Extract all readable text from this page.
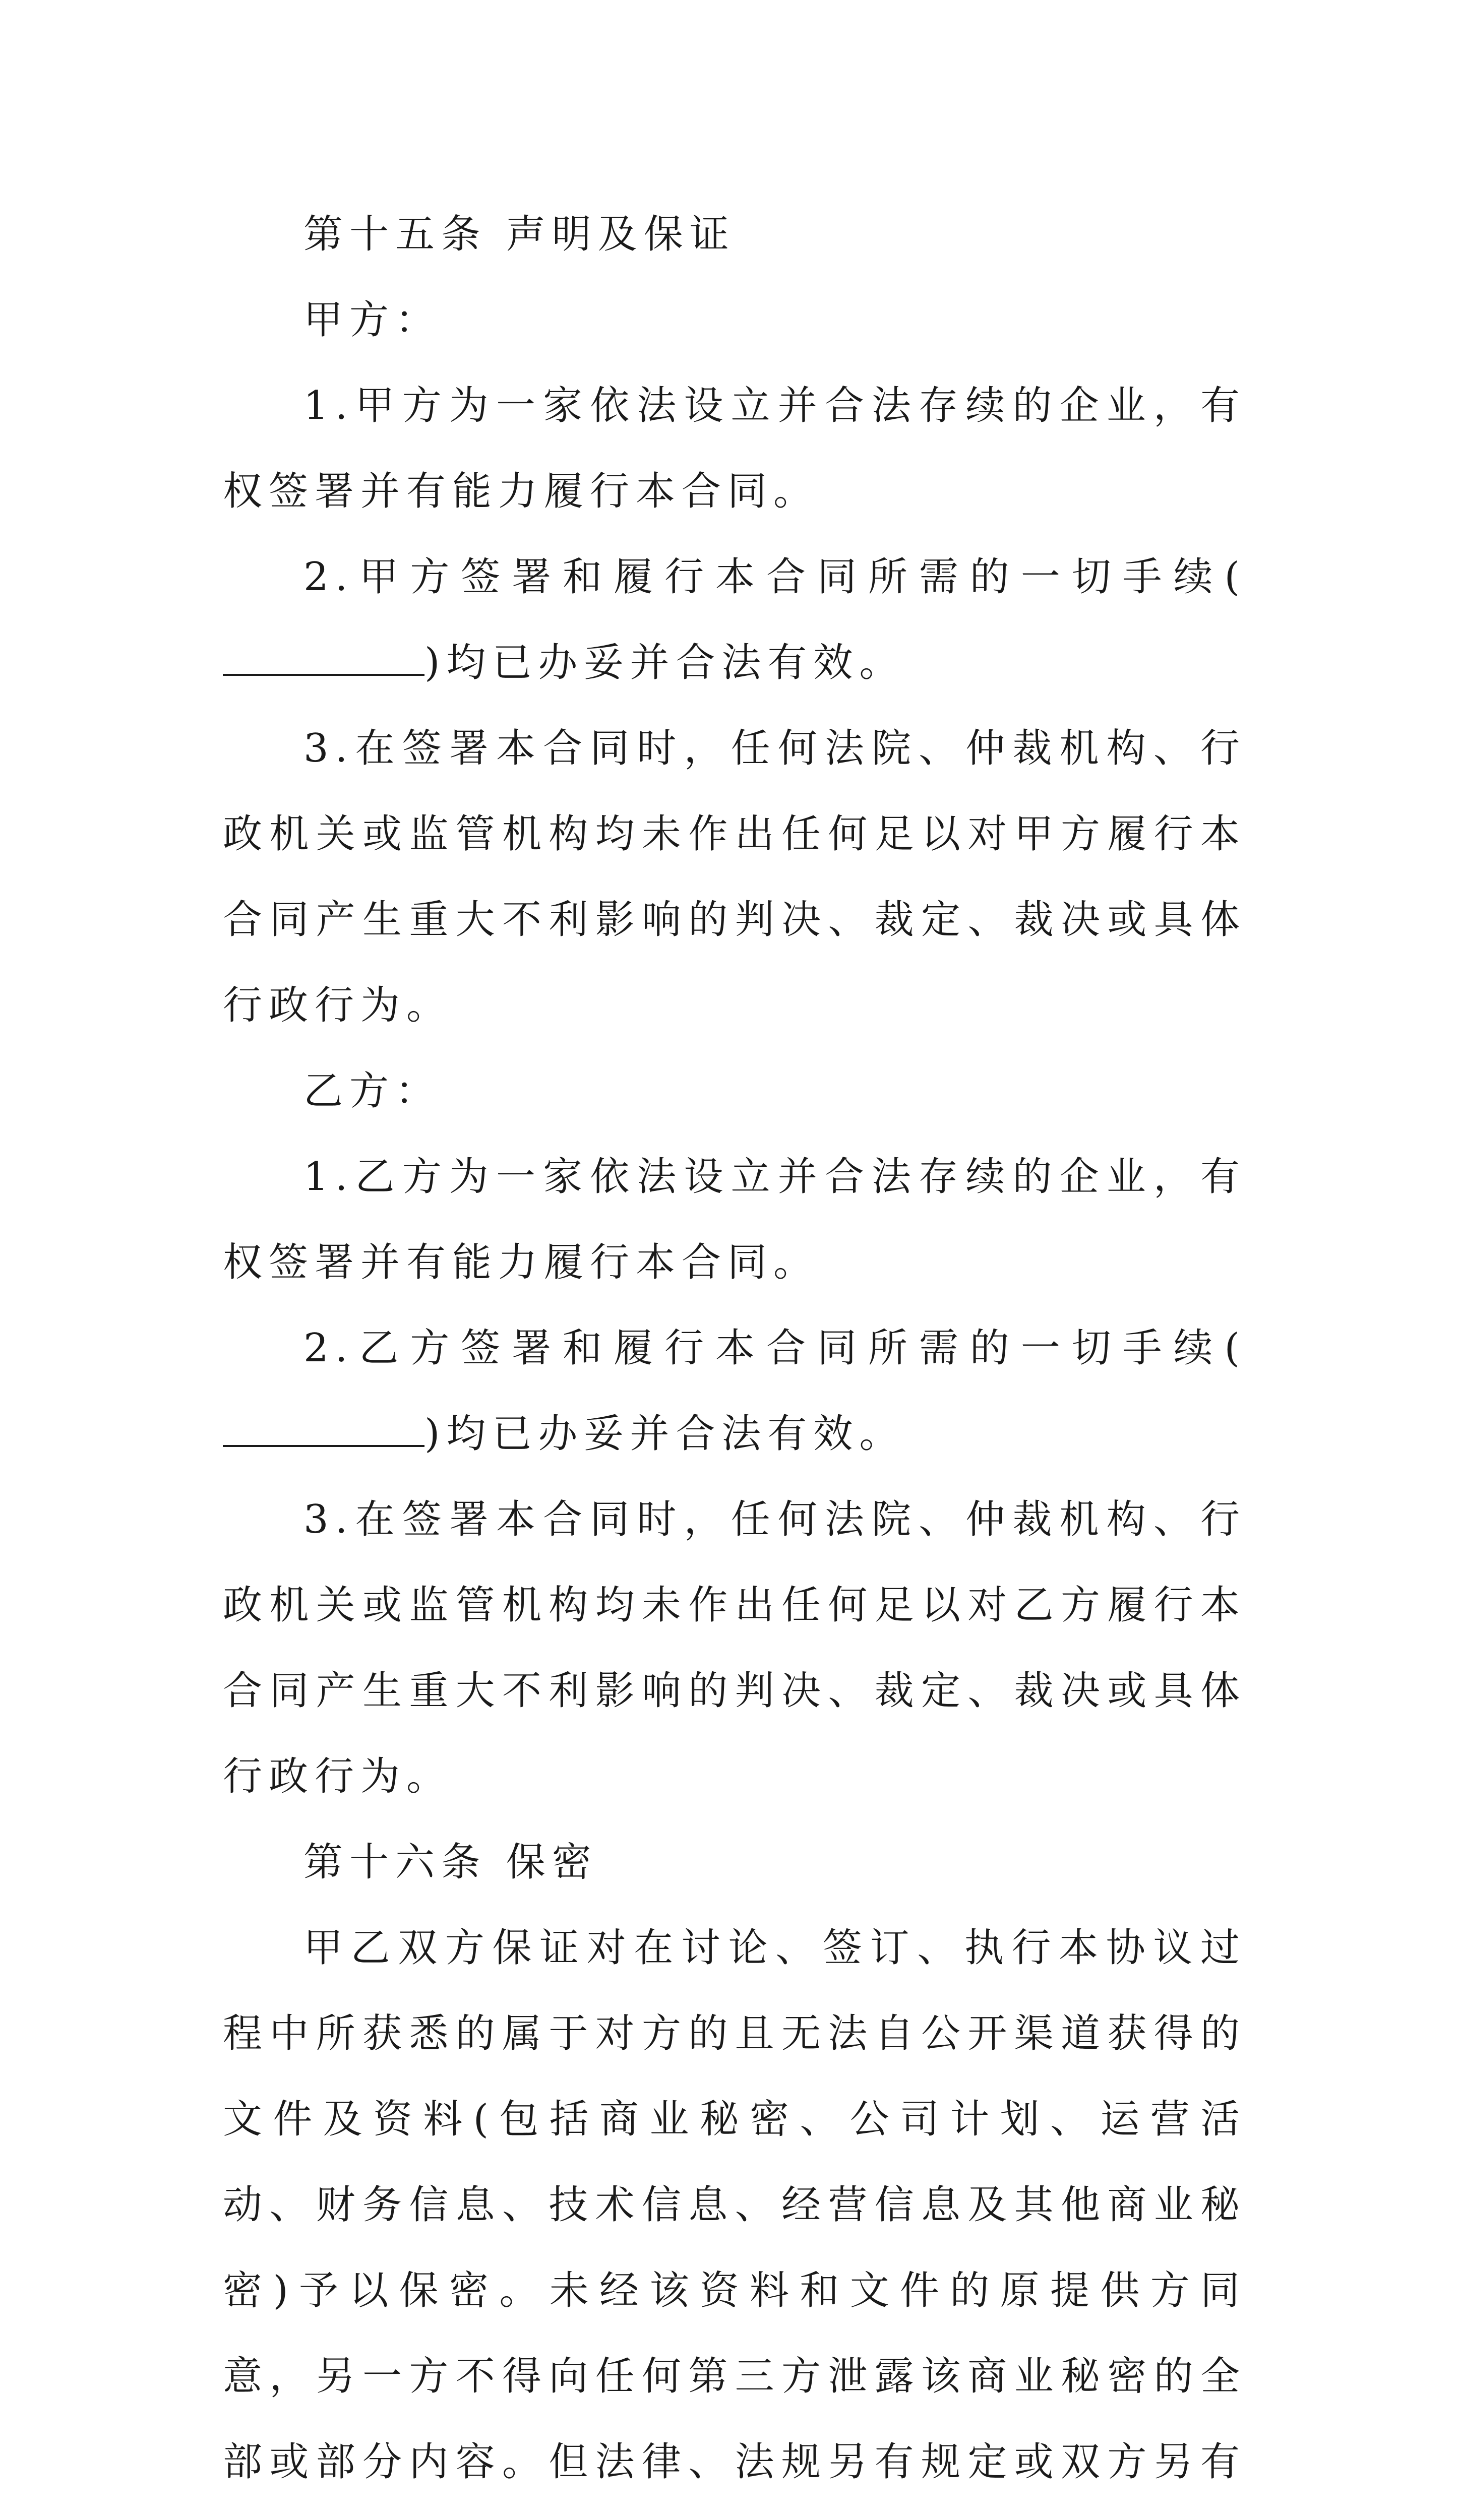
第十五条 声明及保证

甲方：

1.甲方为一家依法设立并合法存续的企业，有权签署并有能力履行本合同。

2.甲方签署和履行本合同所需的一切手续()均已办妥并合法有效。

3.在签署本合同时，任何法院、仲裁机构、行政机关或监管机构均未作出任何足以对甲方履行本合同产生重大不利影响的判决、裁定、裁决或具体行政行为。

乙方：

1.乙方为一家依法设立并合法存续的企业，有权签署并有能力履行本合同。

2.乙方签署和履行本合同所需的一切手续()均已办妥并合法有效。

3.在签署本合同时，任何法院、仲裁机构、行政机关或监管机构均未作出任何足以对乙方履行本合同产生重大不利影响的判决、裁定、裁决或具体行政行为。

第十六条 保密

甲乙双方保证对在讨论、签订、执行本协议过程中所获悉的属于对方的且无法自公开渠道获得的文件及资料(包括商业秘密、公司计划、运营活动、财务信息、技术信息、经营信息及其他商业秘密)予以保密。未经该资料和文件的原提供方同意，另一方不得向任何第三方泄露该商业秘密的全部或部分内容。但法律、法规另有规定或双方另有
